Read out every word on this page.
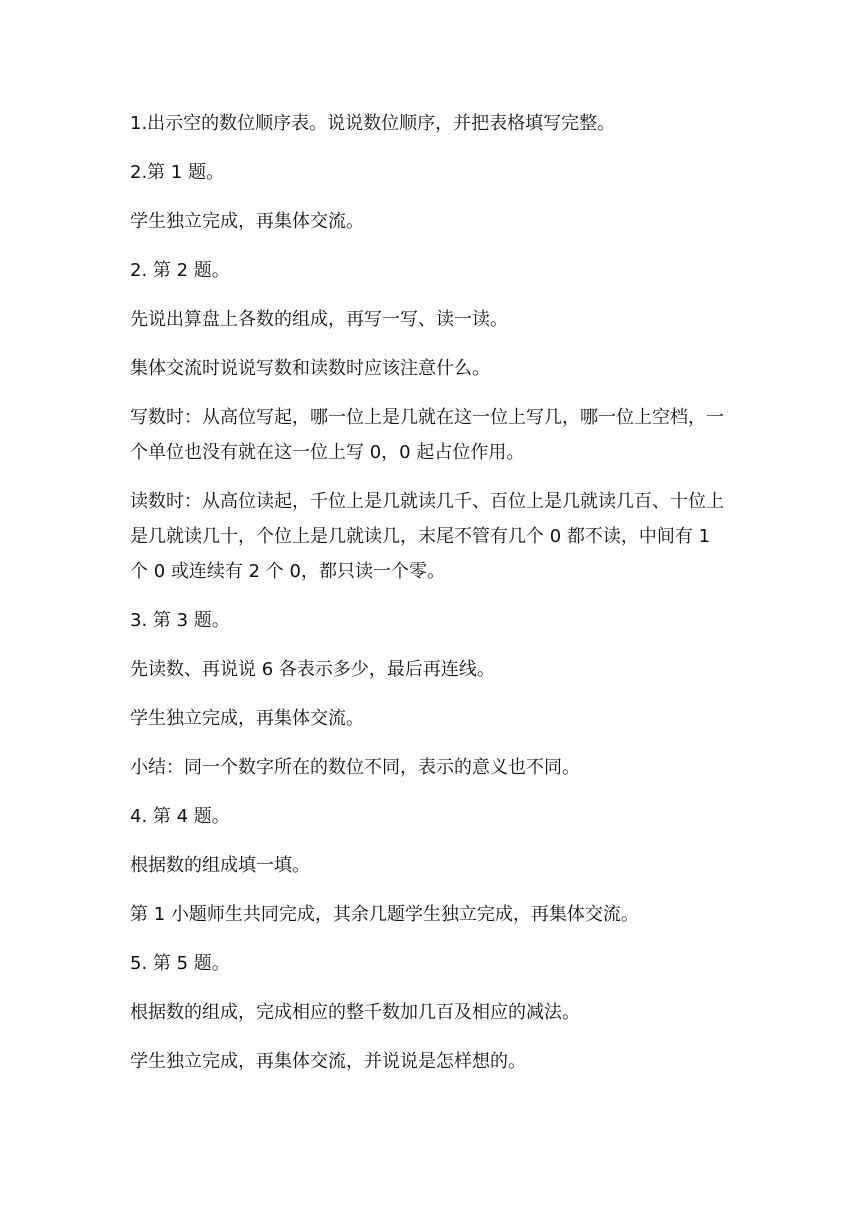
1.出示空的数位顺序表。说说数位顺序，并把表格填写完整。

2.第 1 题。

学生独立完成，再集体交流。

2. 第 2 题。

先说出算盘上各数的组成，再写一写、读一读。

集体交流时说说写数和读数时应该注意什么。

写数时：从高位写起，哪一位上是几就在这一位上写几，哪一位上空档，一个单位也没有就在这一位上写 0，0 起占位作用。

读数时：从高位读起，千位上是几就读几千、百位上是几就读几百、十位上是几就读几十，个位上是几就读几，末尾不管有几个 0 都不读，中间有 1 个 0 或连续有 2 个 0，都只读一个零。

3. 第 3 题。

先读数、再说说 6 各表示多少，最后再连线。

学生独立完成，再集体交流。

小结：同一个数字所在的数位不同，表示的意义也不同。

4. 第 4 题。

根据数的组成填一填。

第 1 小题师生共同完成，其余几题学生独立完成，再集体交流。

5. 第 5 题。

根据数的组成，完成相应的整千数加几百及相应的减法。

学生独立完成，再集体交流，并说说是怎样想的。
